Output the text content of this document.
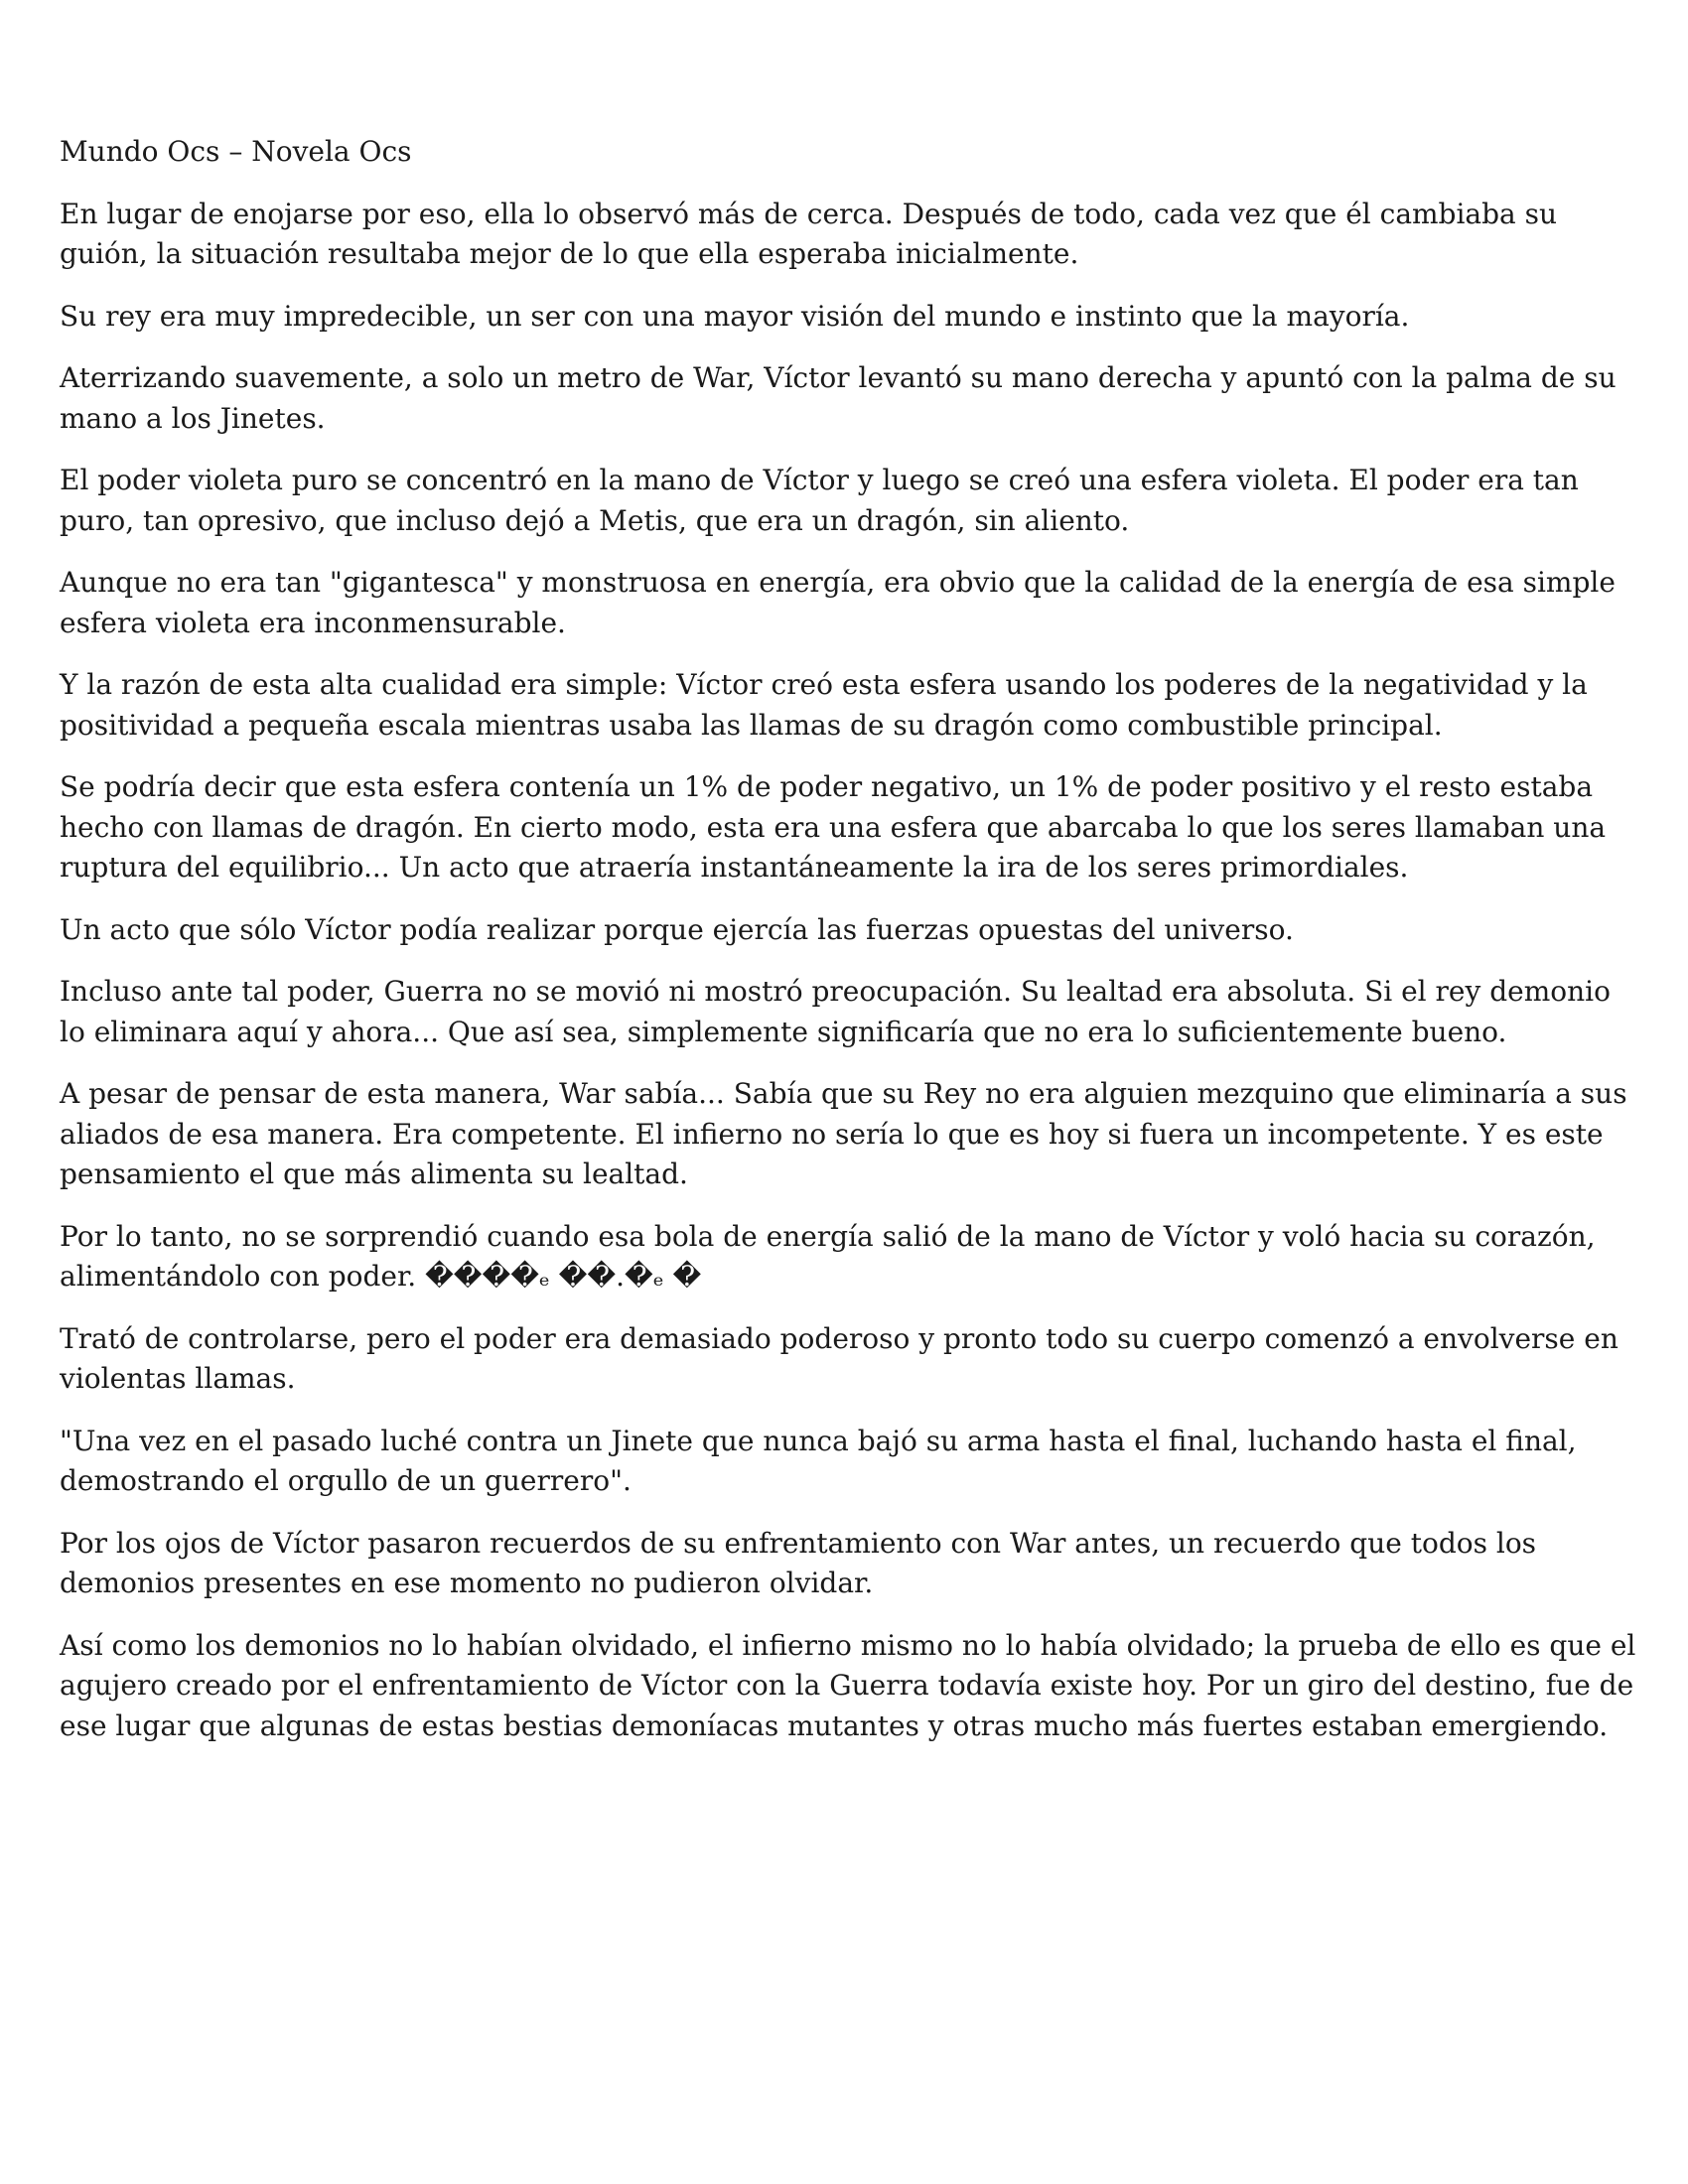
Mundo Ocs – Novela Ocs

En lugar de enojarse por eso, ella lo observó más de cerca. Después de todo, cada vez que él cambiaba su guión, la situación resultaba mejor de lo que ella esperaba inicialmente.

Su rey era muy impredecible, un ser con una mayor visión del mundo e instinto que la mayoría.

Aterrizando suavemente, a solo un metro de War, Víctor levantó su mano derecha y apuntó con la palma de su mano a los Jinetes.

El poder violeta puro se concentró en la mano de Víctor y luego se creó una esfera violeta. El poder era tan puro, tan opresivo, que incluso dejó a Metis, que era un dragón, sin aliento.

Aunque no era tan "gigantesca" y monstruosa en energía, era obvio que la calidad de la energía de esa simple esfera violeta era inconmensurable.

Y la razón de esta alta cualidad era simple: Víctor creó esta esfera usando los poderes de la negatividad y la positividad a pequeña escala mientras usaba las llamas de su dragón como combustible principal.

Se podría decir que esta esfera contenía un 1% de poder negativo, un 1% de poder positivo y el resto estaba hecho con llamas de dragón. En cierto modo, esta era una esfera que abarcaba lo que los seres llamaban una ruptura del equilibrio... Un acto que atraería instantáneamente la ira de los seres primordiales.

Un acto que sólo Víctor podía realizar porque ejercía las fuerzas opuestas del universo.

Incluso ante tal poder, Guerra no se movió ni mostró preocupación. Su lealtad era absoluta. Si el rey demonio lo eliminara aquí y ahora... Que así sea, simplemente significaría que no era lo suficientemente bueno.

A pesar de pensar de esta manera, War sabía... Sabía que su Rey no era alguien mezquino que eliminaría a sus aliados de esa manera. Era competente. El infierno no sería lo que es hoy si fuera un incompetente. Y es este pensamiento el que más alimenta su lealtad.

Por lo tanto, no se sorprendió cuando esa bola de energía salió de la mano de Víctor y voló hacia su corazón, alimentándolo con poder. ����ₑ ��.�ₑ �

Trató de controlarse, pero el poder era demasiado poderoso y pronto todo su cuerpo comenzó a envolverse en violentas llamas.

"Una vez en el pasado luché contra un Jinete que nunca bajó su arma hasta el final, luchando hasta el final, demostrando el orgullo de un guerrero".

Por los ojos de Víctor pasaron recuerdos de su enfrentamiento con War antes, un recuerdo que todos los demonios presentes en ese momento no pudieron olvidar.

Así como los demonios no lo habían olvidado, el infierno mismo no lo había olvidado; la prueba de ello es que el agujero creado por el enfrentamiento de Víctor con la Guerra todavía existe hoy. Por un giro del destino, fue de ese lugar que algunas de estas bestias demoníacas mutantes y otras mucho más fuertes estaban emergiendo.
